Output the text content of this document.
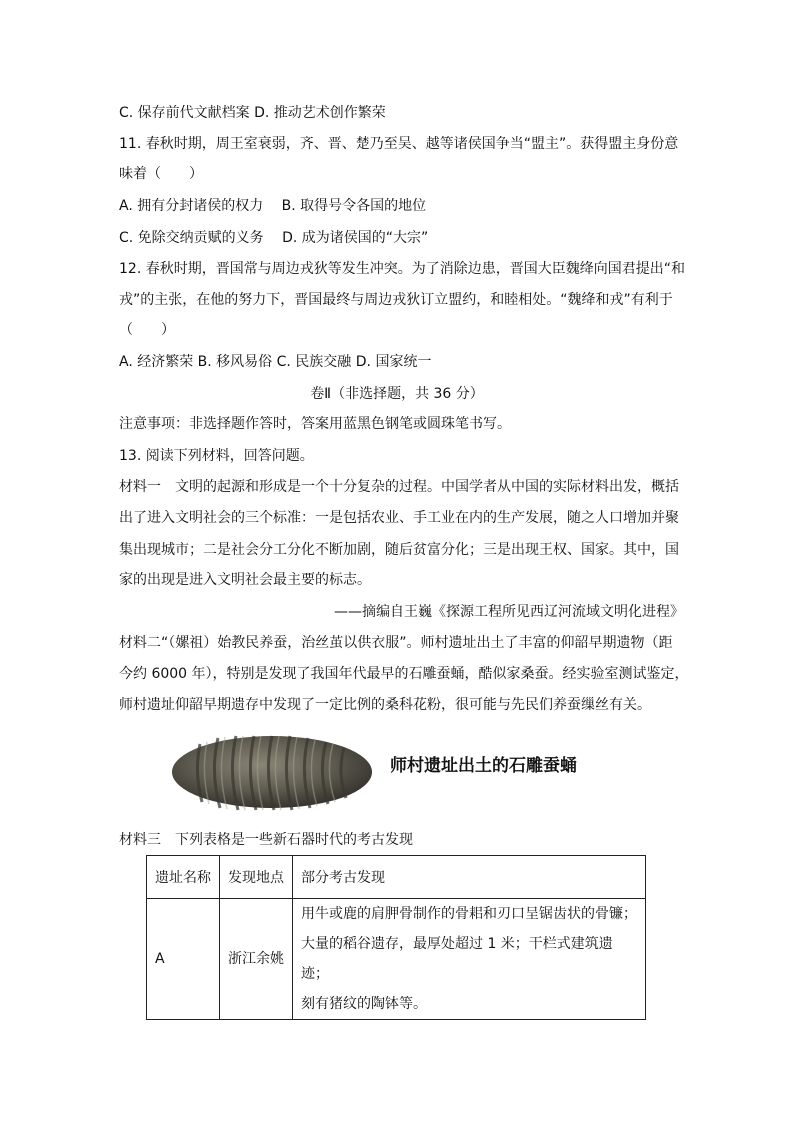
C. 保存前代文献档案 D. 推动艺术创作繁荣
11. 春秋时期，周王室衰弱，齐、晋、楚乃至吴、越等诸侯国争当“盟主”。获得盟主身份意
味着（　　）
A. 拥有分封诸侯的权力　 B. 取得号令各国的地位
C. 免除交纳贡赋的义务　 D. 成为诸侯国的“大宗”
12. 春秋时期，晋国常与周边戎狄等发生冲突。为了消除边患，晋国大臣魏绛向国君提出“和
戎”的主张，在他的努力下，晋国最终与周边戎狄订立盟约，和睦相处。“魏绛和戎”有利于
（　　）
A. 经济繁荣 B. 移风易俗 C. 民族交融 D. 国家统一
卷Ⅱ（非选择题，共 36 分）
注意事项：非选择题作答时，答案用蓝黑色钢笔或圆珠笔书写。
13. 阅读下列材料，回答问题。
材料一　文明的起源和形成是一个十分复杂的过程。中国学者从中国的实际材料出发，概括
出了进入文明社会的三个标准：一是包括农业、手工业在内的生产发展，随之人口增加并聚
集出现城市；二是社会分工分化不断加剧，随后贫富分化；三是出现王权、国家。其中，国
家的出现是进入文明社会最主要的标志。
——摘编自王巍《探源工程所见西辽河流域文明化进程》
材料二“（嫘祖）始教民养蚕，治丝茧以供衣服”。师村遗址出土了丰富的仰韶早期遗物（距
今约 6000 年），特别是发现了我国年代最早的石雕蚕蛹，酷似家桑蚕。经实验室测试鉴定，
师村遗址仰韶早期遗存中发现了一定比例的桑科花粉，很可能与先民们养蚕缫丝有关。
师村遗址出土的石雕蚕蛹
材料三　下列表格是一些新石器时代的考古发现
遗址名称	发现地点	部分考古发现
A	浙江余姚	用牛或鹿的肩胛骨制作的骨耜和刃口呈锯齿状的骨镰；
大量的稻谷遗存，最厚处超过 1 米；干栏式建筑遗迹；
刻有猪纹的陶钵等。
